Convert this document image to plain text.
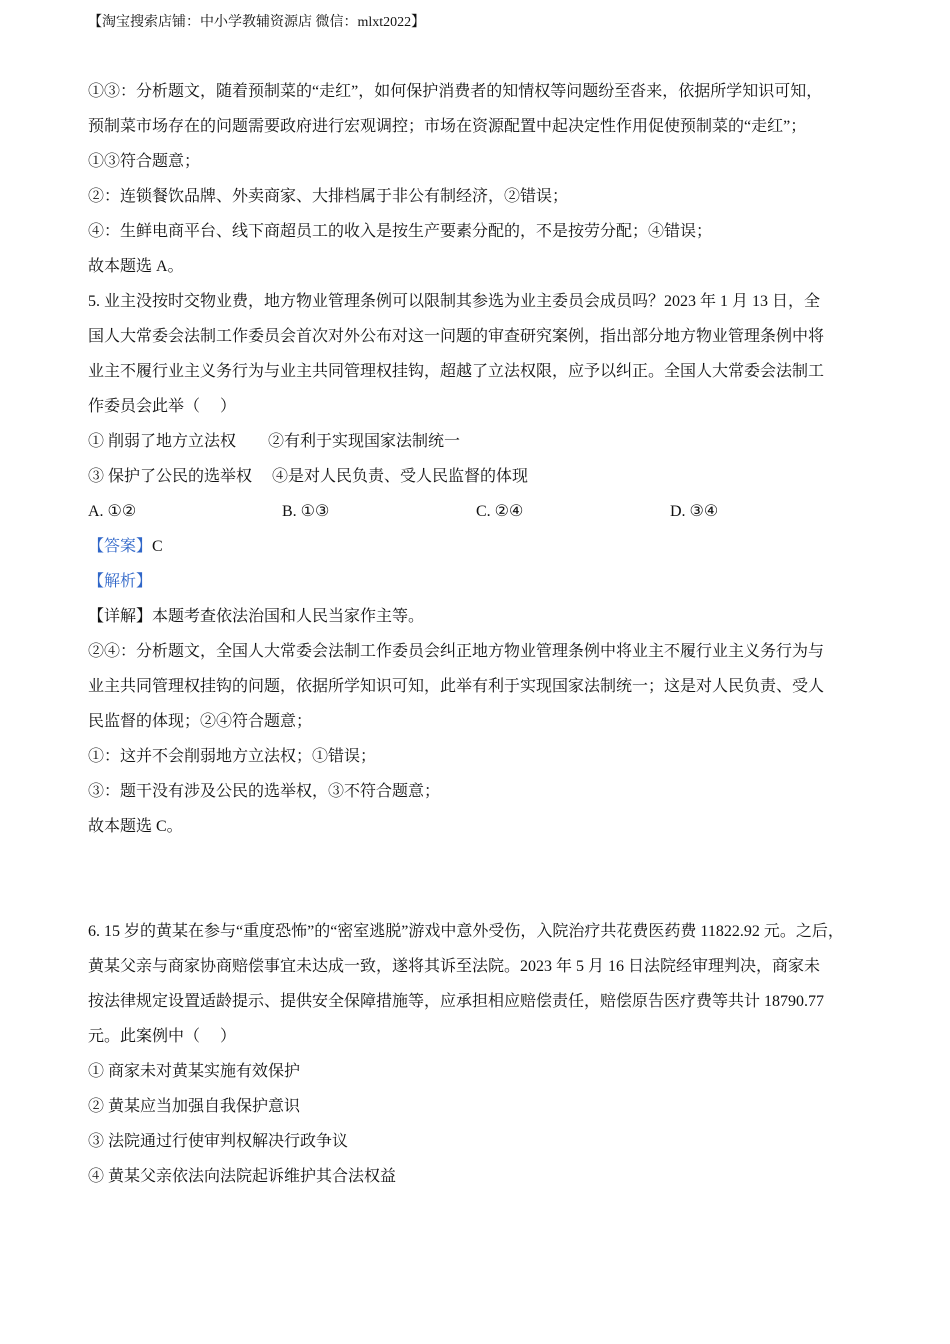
【淘宝搜索店铺：中小学教辅资源店 微信：mlxt2022】
①③：分析题文，随着预制菜的“走红”，如何保护消费者的知情权等问题纷至沓来，依据所学知识可知，
预制菜市场存在的问题需要政府进行宏观调控；市场在资源配置中起决定性作用促使预制菜的“走红”；
①③符合题意；
②：连锁餐饮品牌、外卖商家、大排档属于非公有制经济，②错误；
④：生鲜电商平台、线下商超员工的收入是按生产要素分配的，不是按劳分配；④错误；
故本题选 A。
5. 业主没按时交物业费，地方物业管理条例可以限制其参选为业主委员会成员吗？2023 年 1 月 13 日，全
国人大常委会法制工作委员会首次对外公布对这一问题的审查研究案例，指出部分地方物业管理条例中将
业主不履行业主义务行为与业主共同管理权挂钩，超越了立法权限，应予以纠正。全国人大常委会法制工
作委员会此举（　 ）
① 削弱了地方立法权　　②有利于实现国家法制统一
③ 保护了公民的选举权　 ④是对人民负责、受人民监督的体现
A. ①②	B. ①③	C. ②④	D. ③④
【答案】C
【解析】
【详解】本题考查依法治国和人民当家作主等。
②④：分析题文，全国人大常委会法制工作委员会纠正地方物业管理条例中将业主不履行业主义务行为与
业主共同管理权挂钩的问题，依据所学知识可知，此举有利于实现国家法制统一；这是对人民负责、受人
民监督的体现；②④符合题意；
①：这并不会削弱地方立法权；①错误；
③：题干没有涉及公民的选举权，③不符合题意；
故本题选 C。
6. 15 岁的黄某在参与“重度恐怖”的“密室逃脱”游戏中意外受伤，入院治疗共花费医药费 11822.92 元。之后，
黄某父亲与商家协商赔偿事宜未达成一致，遂将其诉至法院。2023 年 5 月 16 日法院经审理判决，商家未
按法律规定设置适龄提示、提供安全保障措施等，应承担相应赔偿责任，赔偿原告医疗费等共计 18790.77
元。此案例中（　 ）
① 商家未对黄某实施有效保护
② 黄某应当加强自我保护意识
③ 法院通过行使审判权解决行政争议
④ 黄某父亲依法向法院起诉维护其合法权益
